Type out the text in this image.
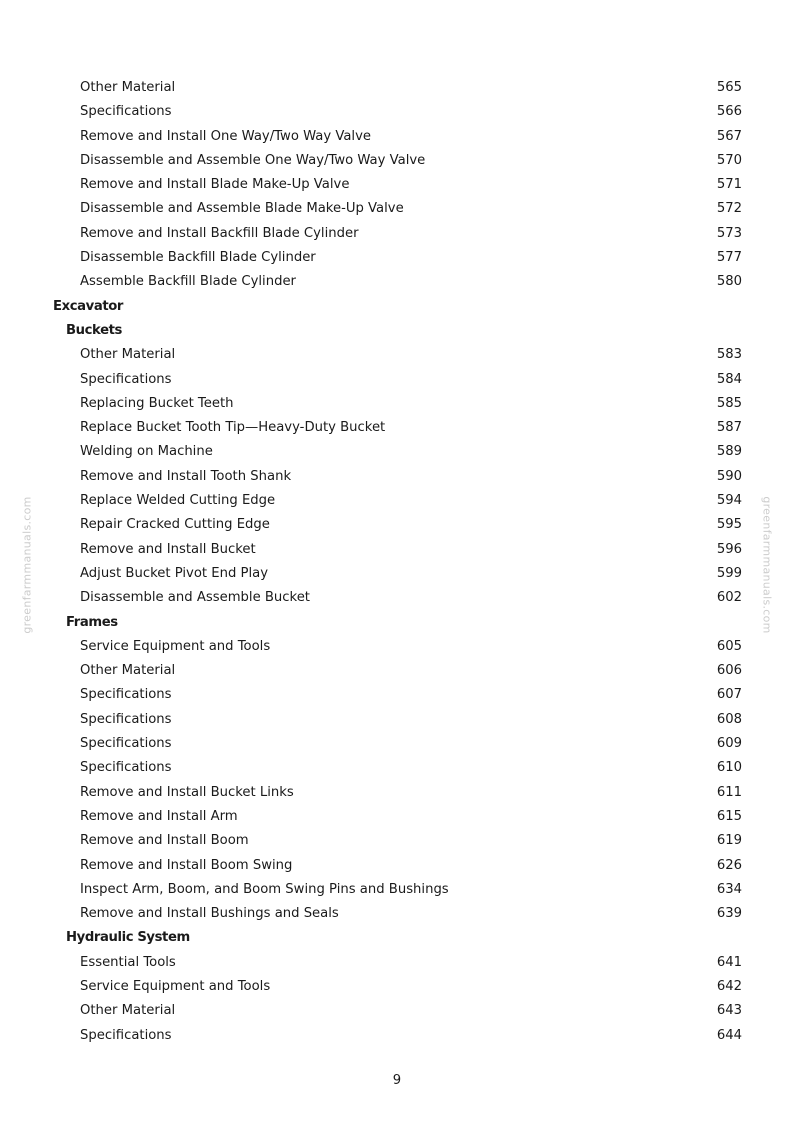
greenfarmmanuals.com	greenfarmmanuals.com
Other Material	565
Specifications	566
Remove and Install One Way/Two Way Valve	567
Disassemble and Assemble One Way/Two Way Valve	570
Remove and Install Blade Make-Up Valve	571
Disassemble and Assemble Blade Make-Up Valve	572
Remove and Install Backfill Blade Cylinder	573
Disassemble Backfill Blade Cylinder	577
Assemble Backfill Blade Cylinder	580
Excavator
Buckets
Other Material	583
Specifications	584
Replacing Bucket Teeth	585
Replace Bucket Tooth Tip—Heavy-Duty Bucket	587
Welding on Machine	589
Remove and Install Tooth Shank	590
Replace Welded Cutting Edge	594
Repair Cracked Cutting Edge	595
Remove and Install Bucket	596
Adjust Bucket Pivot End Play	599
Disassemble and Assemble Bucket	602
Frames
Service Equipment and Tools	605
Other Material	606
Specifications	607
Specifications	608
Specifications	609
Specifications	610
Remove and Install Bucket Links	611
Remove and Install Arm	615
Remove and Install Boom	619
Remove and Install Boom Swing	626
Inspect Arm, Boom, and Boom Swing Pins and Bushings	634
Remove and Install Bushings and Seals	639
Hydraulic System
Essential Tools	641
Service Equipment and Tools	642
Other Material	643
Specifications	644
9
